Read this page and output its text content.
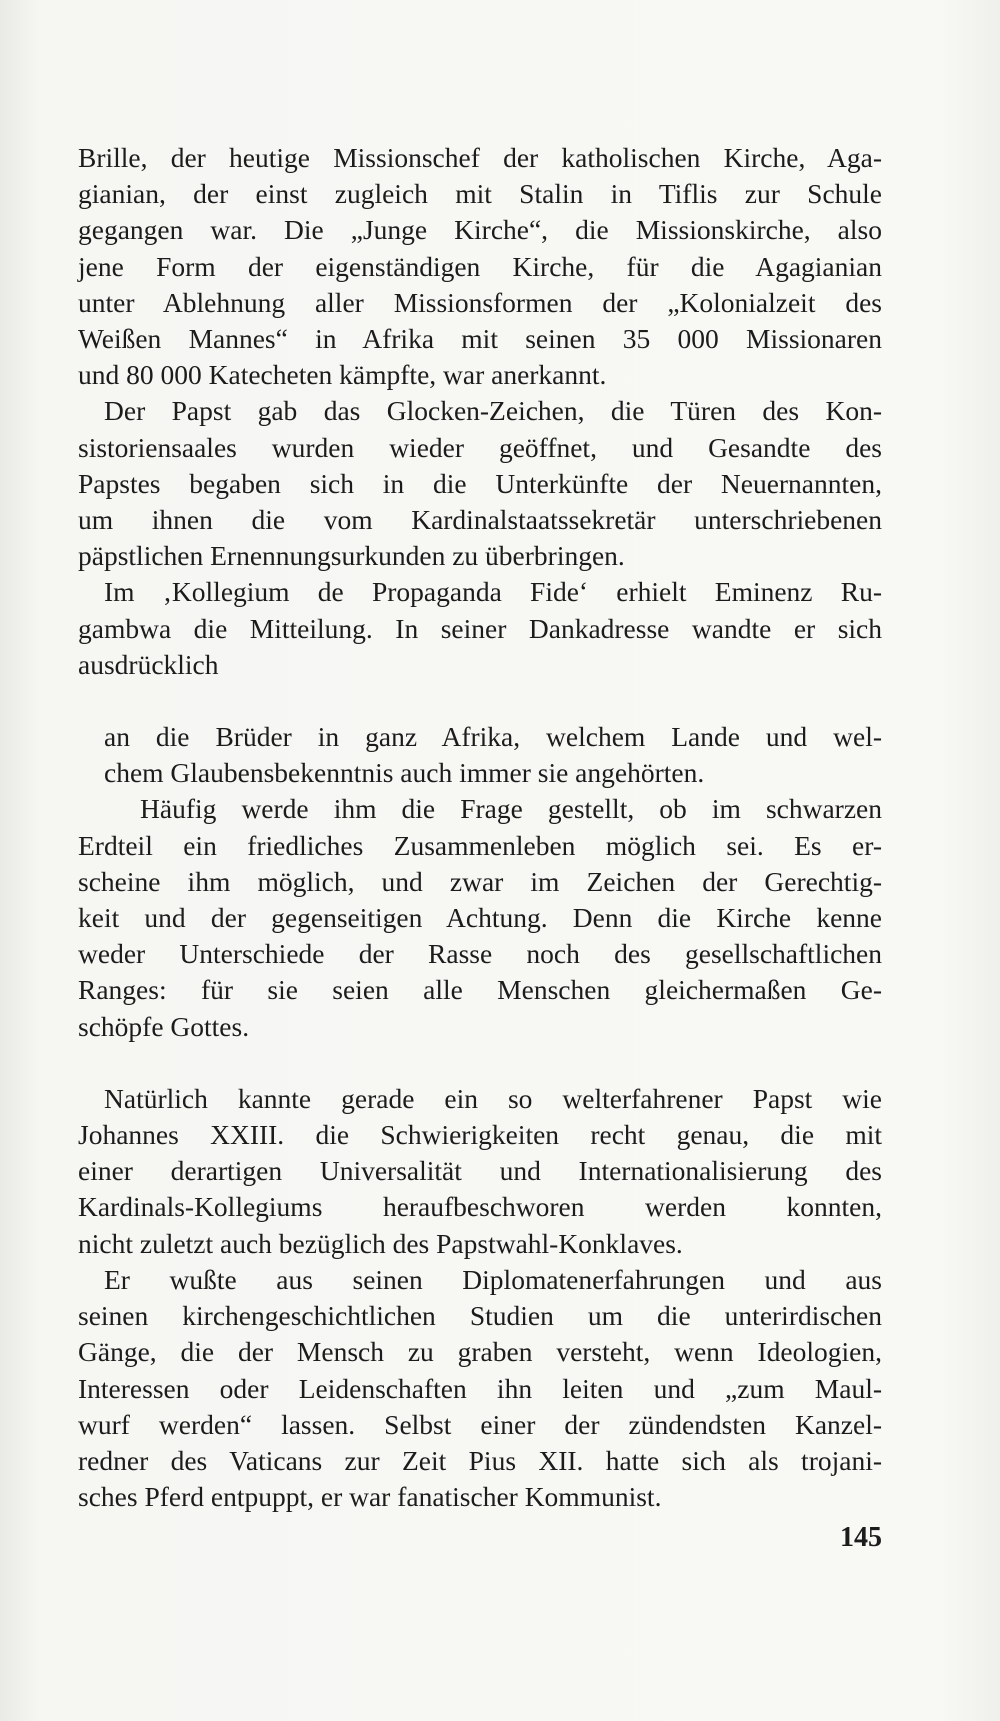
Brille, der heutige Missionschef der katholischen Kirche, Aga-
gianian, der einst zugleich mit Stalin in Tiflis zur Schule
gegangen war. Die „Junge Kirche“, die Missionskirche, also
jene Form der eigenständigen Kirche, für die Agagianian
unter Ablehnung aller Missionsformen der „Kolonialzeit des
Weißen Mannes“ in Afrika mit seinen 35 000 Missionaren
und 80 000 Katecheten kämpfte, war anerkannt.

Der Papst gab das Glocken-Zeichen, die Türen des Kon-
sistoriensaales wurden wieder geöffnet, und Gesandte des
Papstes begaben sich in die Unterkünfte der Neuernannten,
um ihnen die vom Kardinalstaatssekretär unterschriebenen
päpstlichen Ernennungsurkunden zu überbringen.

Im ‚Kollegium de Propaganda Fide‘ erhielt Eminenz Ru-
gambwa die Mitteilung. In seiner Dankadresse wandte er sich
ausdrücklich

an die Brüder in ganz Afrika, welchem Lande und wel-
chem Glaubensbekenntnis auch immer sie angehörten.

Häufig werde ihm die Frage gestellt, ob im schwarzen
Erdteil ein friedliches Zusammenleben möglich sei. Es er-
scheine ihm möglich, und zwar im Zeichen der Gerechtig-
keit und der gegenseitigen Achtung. Denn die Kirche kenne
weder Unterschiede der Rasse noch des gesellschaftlichen
Ranges: für sie seien alle Menschen gleichermaßen Ge-
schöpfe Gottes.

Natürlich kannte gerade ein so welterfahrener Papst wie
Johannes XXIII. die Schwierigkeiten recht genau, die mit
einer derartigen Universalität und Internationalisierung des
Kardinals-Kollegiums heraufbeschworen werden konnten,
nicht zuletzt auch bezüglich des Papstwahl-Konklaves.

Er wußte aus seinen Diplomatenerfahrungen und aus
seinen kirchengeschichtlichen Studien um die unterirdischen
Gänge, die der Mensch zu graben versteht, wenn Ideologien,
Interessen oder Leidenschaften ihn leiten und „zum Maul-
wurf werden“ lassen. Selbst einer der zündendsten Kanzel-
redner des Vaticans zur Zeit Pius XII. hatte sich als trojani-
sches Pferd entpuppt, er war fanatischer Kommunist.

145
